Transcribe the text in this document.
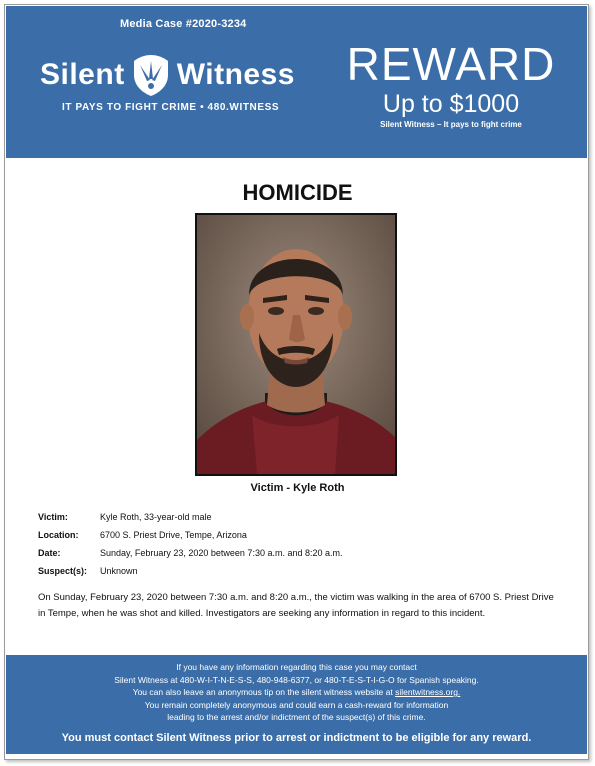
Media Case #2020-3234
Silent Witness
IT PAYS TO FIGHT CRIME • 480.WITNESS
REWARD
Up to $1000
Silent Witness – It pays to fight crime
HOMICIDE
Victim - Kyle Roth
Victim:	Kyle Roth, 33-year-old male
Location:	6700 S. Priest Drive, Tempe, Arizona
Date:	Sunday, February 23, 2020 between 7:30 a.m. and 8:20 a.m.
Suspect(s):	Unknown
On Sunday, February 23, 2020 between 7:30 a.m. and 8:20 a.m., the victim was walking in the area of 6700 S. Priest Drive in Tempe, when he was shot and killed. Investigators are seeking any information in regard to this incident.
If you have any information regarding this case you may contact
Silent Witness at 480-W-I-T-N-E-S-S, 480-948-6377, or 480-T-E-S-T-I-G-O for Spanish speaking.
You can also leave an anonymous tip on the silent witness website at silentwitness.org.
You remain completely anonymous and could earn a cash-reward for information
leading to the arrest and/or indictment of the suspect(s) of this crime.
You must contact Silent Witness prior to arrest or indictment to be eligible for any reward.
